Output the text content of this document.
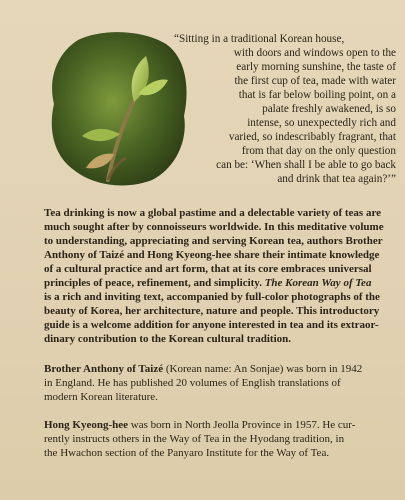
“Sitting in a traditional Korean house,
with doors and windows open to the
early morning sunshine, the taste of
the first cup of tea, made with water
that is far below boiling point, on a
palate freshly awakened, is so
intense, so unexpectedly rich and
varied, so indescribably fragrant, that
from that day on the only question
can be: ‘When shall I be able to go back
and drink that tea again?’”
Tea drinking is now a global pastime and a delectable variety of teas are
much sought after by connoisseurs worldwide. In this meditative volume
to understanding, appreciating and serving Korean tea, authors Brother
Anthony of Taizé and Hong Kyeong-hee share their intimate knowledge
of a cultural practice and art form, that at its core embraces universal
principles of peace, refinement, and simplicity. The Korean Way of Tea
is a rich and inviting text, accompanied by full-color photographs of the
beauty of Korea, her architecture, nature and people. This introductory
guide is a welcome addition for anyone interested in tea and its extraor-
dinary contribution to the Korean cultural tradition.
Brother Anthony of Taizé (Korean name: An Sonjae) was born in 1942
in England. He has published 20 volumes of English translations of
modern Korean literature.
Hong Kyeong-hee was born in North Jeolla Province in 1957. He cur-
rently instructs others in the Way of Tea in the Hyodang tradition, in
the Hwachon section of the Panyaro Institute for the Way of Tea.
